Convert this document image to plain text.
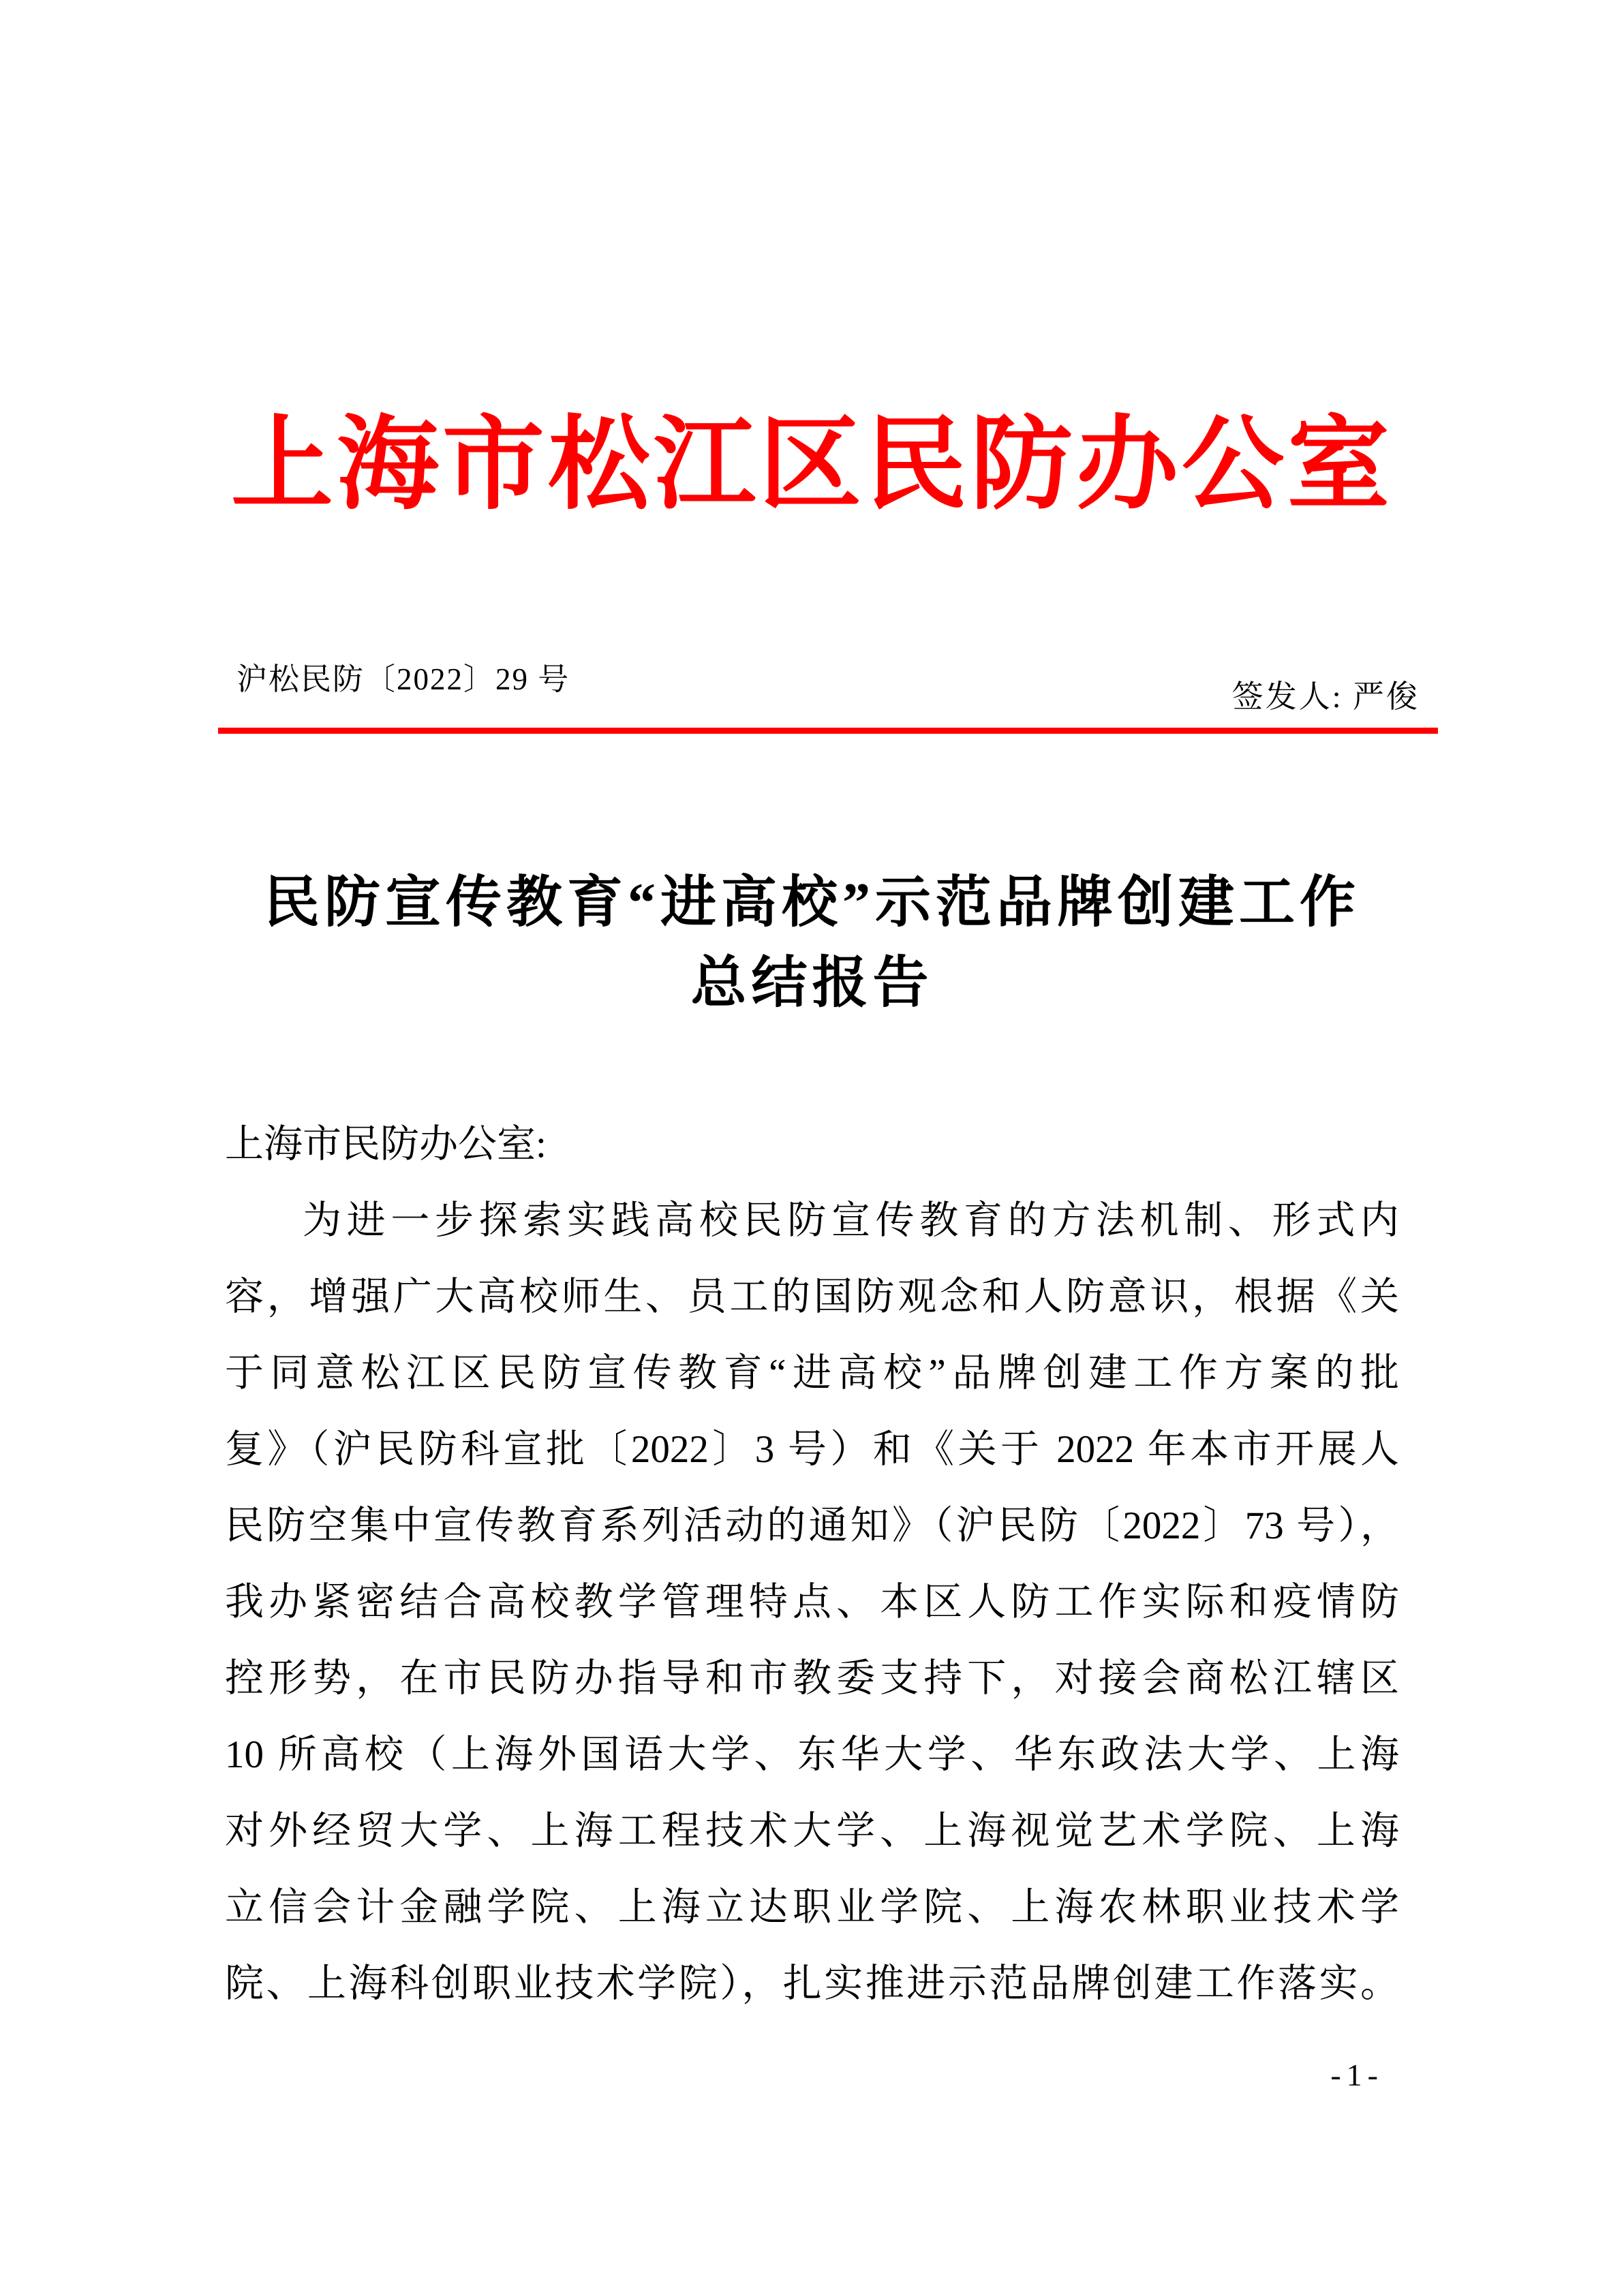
上海市松江区民防办公室
沪松民防〔2022〕29 号	签发人: 严俊
民防宣传教育“进高校”示范品牌创建工作
总结报告
上海市民防办公室:
为进一步探索实践高校民防宣传教育的方法机制、形式内
容，增强广大高校师生、员工的国防观念和人防意识，根据《关
于同意松江区民防宣传教育“进高校”品牌创建工作方案的批
复》（沪民防科宣批〔2022〕3 号）和《关于 2022 年本市开展人
民防空集中宣传教育系列活动的通知》（沪民防〔2022〕73 号），
我办紧密结合高校教学管理特点、本区人防工作实际和疫情防
控形势，在市民防办指导和市教委支持下，对接会商松江辖区
10 所高校（上海外国语大学、东华大学、华东政法大学、上海
对外经贸大学、上海工程技术大学、上海视觉艺术学院、上海
立信会计金融学院、上海立达职业学院、上海农林职业技术学
院、上海科创职业技术学院），扎实推进示范品牌创建工作落实。
-1-
